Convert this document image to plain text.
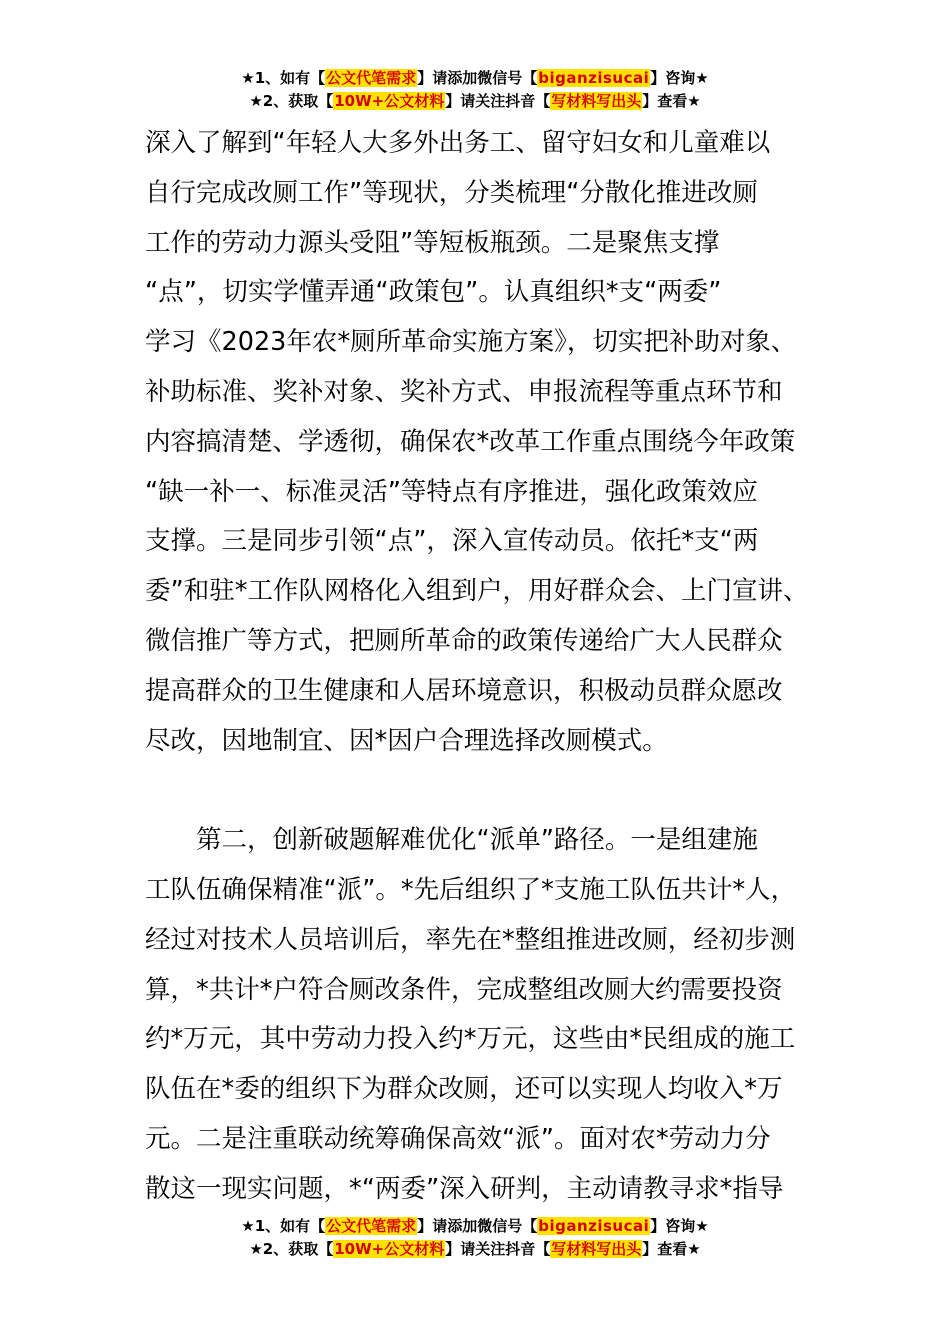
★1、如有【公文代笔需求】请添加微信号【biganzisucai】咨询★
★2、获取【10W+公文材料】请关注抖音【写材料写出头】查看★
深入了解到“年轻人大多外出务工、留守妇女和儿童难以
自行完成改厕工作”等现状，分类梳理“分散化推进改厕
工作的劳动力源头受阻”等短板瓶颈。二是聚焦支撑
“点”，切实学懂弄通“政策包”。认真组织*支“两委”
学习《2023年农*厕所革命实施方案》，切实把补助对象、
补助标准、奖补对象、奖补方式、申报流程等重点环节和
内容搞清楚、学透彻，确保农*改革工作重点围绕今年政策
“缺一补一、标准灵活”等特点有序推进，强化政策效应
支撑。三是同步引领“点”，深入宣传动员。依托*支“两
委”和驻*工作队网格化入组到户，用好群众会、上门宣讲、
微信推广等方式，把厕所革命的政策传递给广大人民群众
提高群众的卫生健康和人居环境意识，积极动员群众愿改
尽改，因地制宜、因*因户合理选择改厕模式。
第二，创新破题解难优化“派单”路径。一是组建施
工队伍确保精准“派”。*先后组织了*支施工队伍共计*人，
经过对技术人员培训后，率先在*整组推进改厕，经初步测
算，*共计*户符合厕改条件，完成整组改厕大约需要投资
约*万元，其中劳动力投入约*万元，这些由*民组成的施工
队伍在*委的组织下为群众改厕，还可以实现人均收入*万
元。二是注重联动统筹确保高效“派”。面对农*劳动力分
散这一现实问题，*“两委”深入研判，主动请教寻求*指导
★1、如有【公文代笔需求】请添加微信号【biganzisucai】咨询★
★2、获取【10W+公文材料】请关注抖音【写材料写出头】查看★
